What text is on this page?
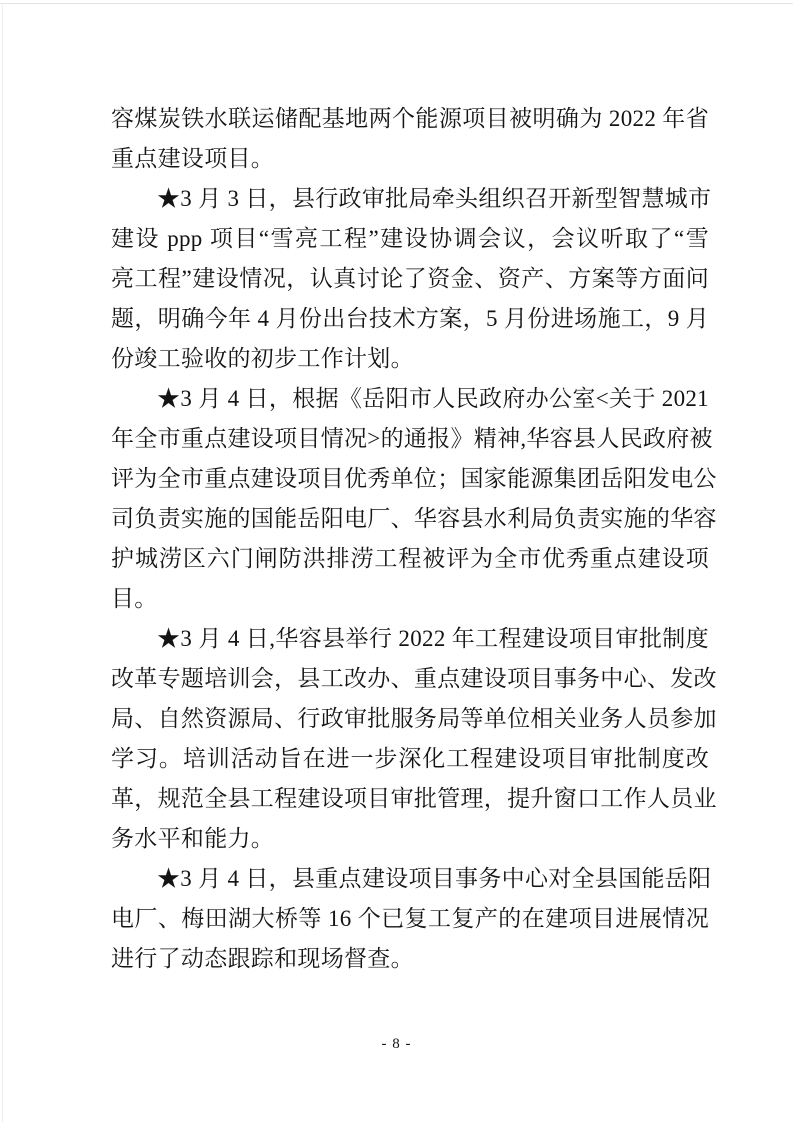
容煤炭铁水联运储配基地两个能源项目被明确为 2022 年省
重点建设项目。
★3 月 3 日，县行政审批局牵头组织召开新型智慧城市
建设 ppp 项目“雪亮工程”建设协调会议，会议听取了“雪
亮工程”建设情况，认真讨论了资金、资产、方案等方面问
题，明确今年 4 月份出台技术方案，5 月份进场施工，9 月
份竣工验收的初步工作计划。
★3 月 4 日，根据《岳阳市人民政府办公室<关于 2021
年全市重点建设项目情况>的通报》精神,华容县人民政府被
评为全市重点建设项目优秀单位；国家能源集团岳阳发电公
司负责实施的国能岳阳电厂、华容县水利局负责实施的华容
护城涝区六门闸防洪排涝工程被评为全市优秀重点建设项
目。
★3 月 4 日,华容县举行 2022 年工程建设项目审批制度
改革专题培训会，县工改办、重点建设项目事务中心、发改
局、自然资源局、行政审批服务局等单位相关业务人员参加
学习。培训活动旨在进一步深化工程建设项目审批制度改
革，规范全县工程建设项目审批管理，提升窗口工作人员业
务水平和能力。
★3 月 4 日，县重点建设项目事务中心对全县国能岳阳
电厂、梅田湖大桥等 16 个已复工复产的在建项目进展情况
进行了动态跟踪和现场督查。
- 8 -
